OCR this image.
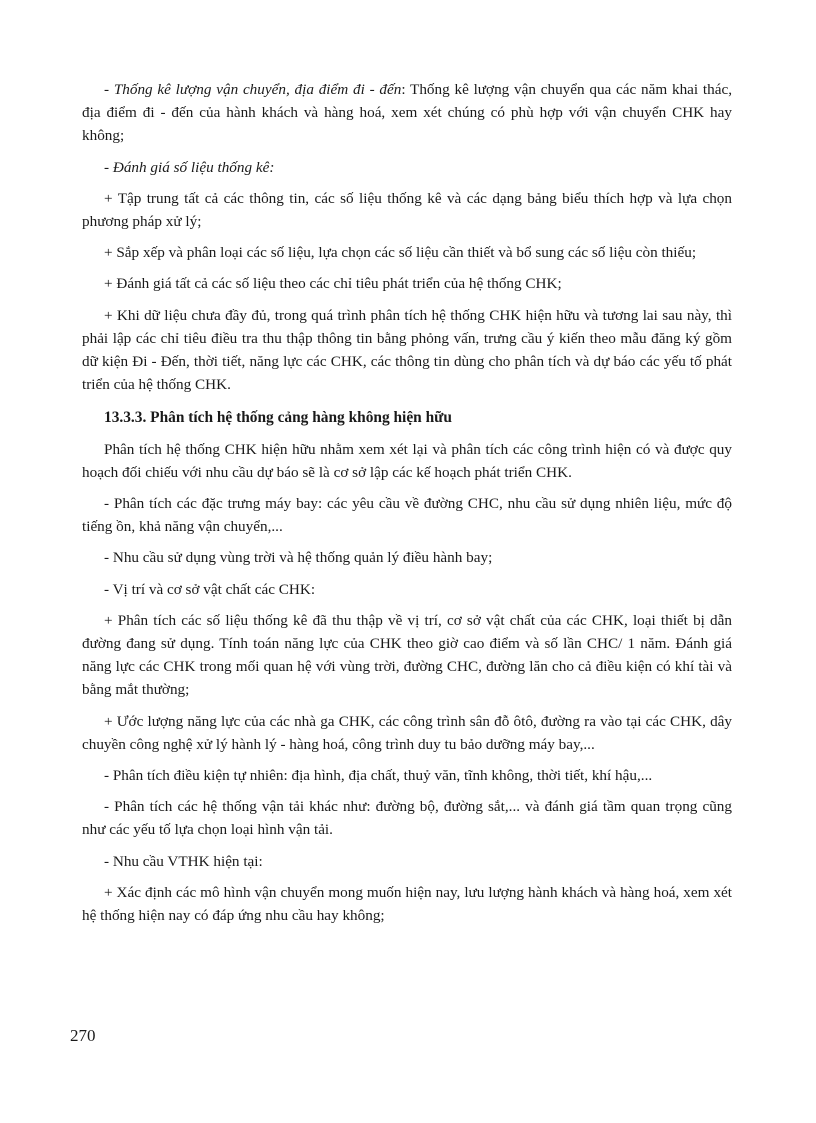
- Thống kê lượng vận chuyển, địa điểm đi - đến: Thống kê lượng vận chuyển qua các năm khai thác, địa điểm đi - đến của hành khách và hàng hoá, xem xét chúng có phù hợp với vận chuyển CHK hay không;

- Đánh giá số liệu thống kê:

+ Tập trung tất cả các thông tin, các số liệu thống kê và các dạng bảng biểu thích hợp và lựa chọn phương pháp xử lý;

+ Sắp xếp và phân loại các số liệu, lựa chọn các số liệu cần thiết và bổ sung các số liệu còn thiếu;

+ Đánh giá tất cả các số liệu theo các chỉ tiêu phát triển của hệ thống CHK;

+ Khi dữ liệu chưa đầy đủ, trong quá trình phân tích hệ thống CHK hiện hữu và tương lai sau này, thì phải lập các chỉ tiêu điều tra thu thập thông tin bằng phỏng vấn, trưng cầu ý kiến theo mẫu đăng ký gồm dữ kiện Đi - Đến, thời tiết, năng lực các CHK, các thông tin dùng cho phân tích và dự báo các yếu tố phát triển của hệ thống CHK.

13.3.3. Phân tích hệ thống cảng hàng không hiện hữu

Phân tích hệ thống CHK hiện hữu nhằm xem xét lại và phân tích các công trình hiện có và được quy hoạch đối chiếu với nhu cầu dự báo sẽ là cơ sở lập các kế hoạch phát triển CHK.

- Phân tích các đặc trưng máy bay: các yêu cầu về đường CHC, nhu cầu sử dụng nhiên liệu, mức độ tiếng ồn, khả năng vận chuyển,...

- Nhu cầu sử dụng vùng trời và hệ thống quản lý điều hành bay;

- Vị trí và cơ sở vật chất các CHK:

+ Phân tích các số liệu thống kê đã thu thập về vị trí, cơ sở vật chất của các CHK, loại thiết bị dẫn đường đang sử dụng. Tính toán năng lực của CHK theo giờ cao điểm và số lần CHC/ 1 năm. Đánh giá năng lực các CHK trong mối quan hệ với vùng trời, đường CHC, đường lăn cho cả điều kiện có khí tài và bằng mắt thường;

+ Ước lượng năng lực của các nhà ga CHK, các công trình sân đỗ ôtô, đường ra vào tại các CHK, dây chuyền công nghệ xử lý hành lý - hàng hoá, công trình duy tu bảo dưỡng máy bay,...

- Phân tích điều kiện tự nhiên: địa hình, địa chất, thuỷ văn, tĩnh không, thời tiết, khí hậu,...

- Phân tích các hệ thống vận tải khác như: đường bộ, đường sắt,... và đánh giá tầm quan trọng cũng như các yếu tố lựa chọn loại hình vận tải.

- Nhu cầu VTHK hiện tại:

+ Xác định các mô hình vận chuyển mong muốn hiện nay, lưu lượng hành khách và hàng hoá, xem xét hệ thống hiện nay có đáp ứng nhu cầu hay không;

270
